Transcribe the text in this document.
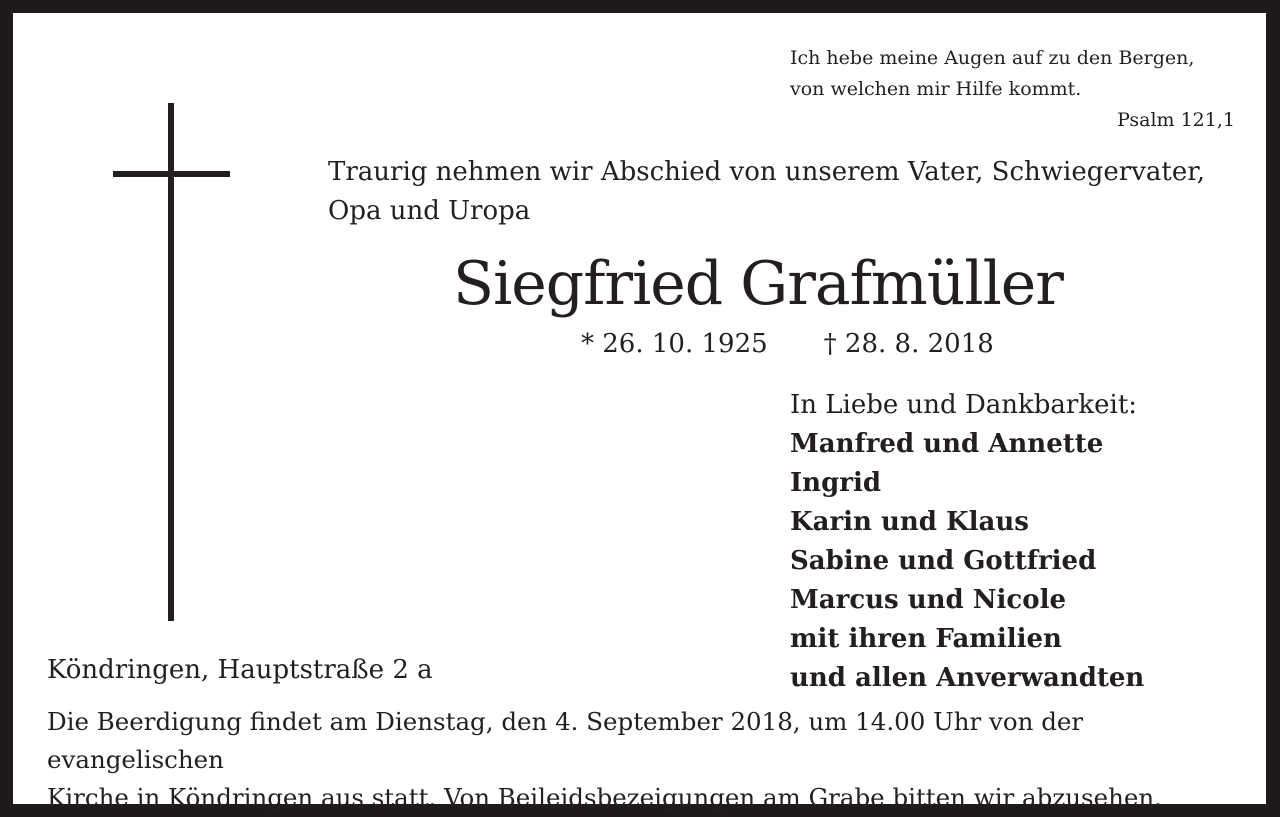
Ich hebe meine Augen auf zu den Bergen,
von welchen mir Hilfe kommt.
Psalm 121,1
Traurig nehmen wir Abschied von unserem Vater, Schwiegervater, Opa und Uropa
Siegfried Grafmüller
* 26. 10. 1925 † 28. 8. 2018
In Liebe und Dankbarkeit:
Manfred und Annette
Ingrid
Karin und Klaus
Sabine und Gottfried
Marcus und Nicole
mit ihren Familien
und allen Anverwandten
Köndringen, Hauptstraße 2 a
Die Beerdigung findet am Dienstag, den 4. September 2018, um 14.00 Uhr von der evangelischen
Kirche in Köndringen aus statt. Von Beileidsbezeigungen am Grabe bitten wir abzusehen.
